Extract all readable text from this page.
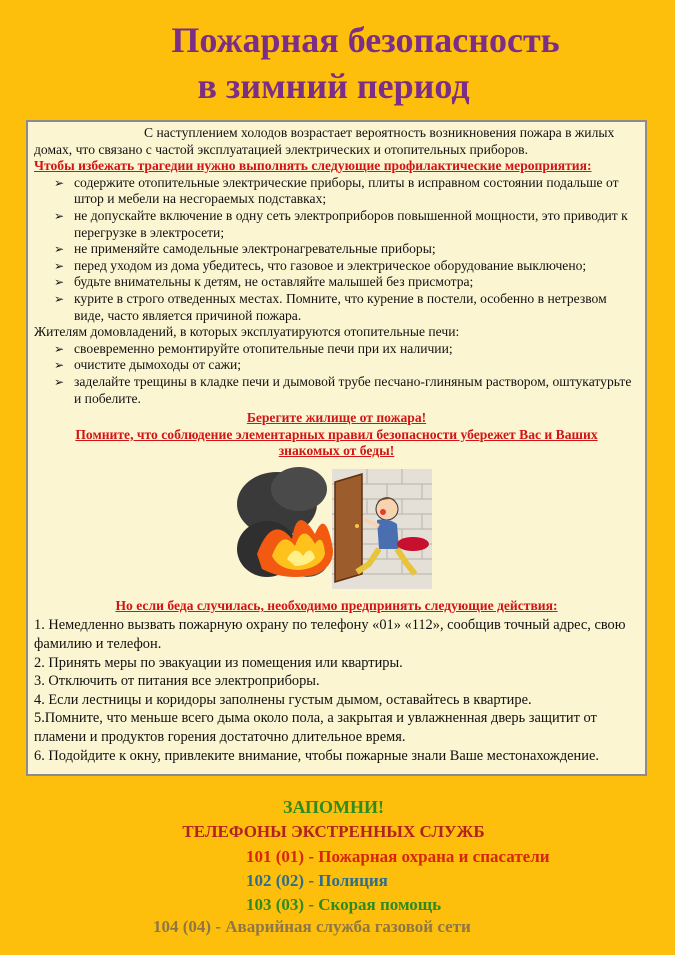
Пожарная безопасность
в зимний период
С наступлением холодов возрастает вероятность возникновения пожара в жилых домах, что связано с частой эксплуатацией электрических и отопительных приборов.
Чтобы избежать трагедии нужно выполнять следующие профилактические мероприятия:
➢ содержите отопительные электрические приборы, плиты в исправном состоянии подальше от штор и мебели на несгораемых подставках;
➢ не допускайте включение в одну сеть электроприборов повышенной мощности, это приводит к перегрузке в электросети;
➢ не применяйте самодельные электронагревательные приборы;
➢ перед уходом из дома убедитесь, что газовое и электрическое оборудование выключено;
➢ будьте внимательны к детям, не оставляйте малышей без присмотра;
➢ курите в строго отведенных местах. Помните, что курение в постели, особенно в нетрезвом виде, часто является причиной пожара.
Жителям домовладений, в которых эксплуатируются отопительные печи:
➢ своевременно ремонтируйте отопительные печи при их наличии;
➢ очистите дымоходы от сажи;
➢ заделайте трещины в кладке печи и дымовой трубе песчано-глиняным раствором, оштукатурьте и побелите.
Берегите жилище от пожара!
Помните, что соблюдение элементарных правил безопасности убережет Вас и Ваших знакомых от беды!
Но если беда случилась, необходимо предпринять следующие действия:

1. Немедленно вызвать пожарную охрану по телефону «01» «112», сообщив точный адрес, свою фамилию и телефон.

2. Принять меры по эвакуации из помещения или квартиры.

3. Отключить от питания все электроприборы.

4. Если лестницы и коридоры заполнены густым дымом, оставайтесь в квартире.

5.Помните, что меньше всего дыма около пола, а закрытая и увлажненная дверь защитит от пламени и продуктов горения достаточно длительное время.

6. Подойдите к окну, привлеките внимание, чтобы пожарные знали Ваше местонахождение.

ЗАПОМНИ!
ТЕЛЕФОНЫ ЭКСТРЕННЫХ СЛУЖБ
101 (01) - Пожарная охрана и спасатели
102 (02) - Полиция
103 (03) - Скорая помощь
104 (04) - Аварийная служба газовой сети
